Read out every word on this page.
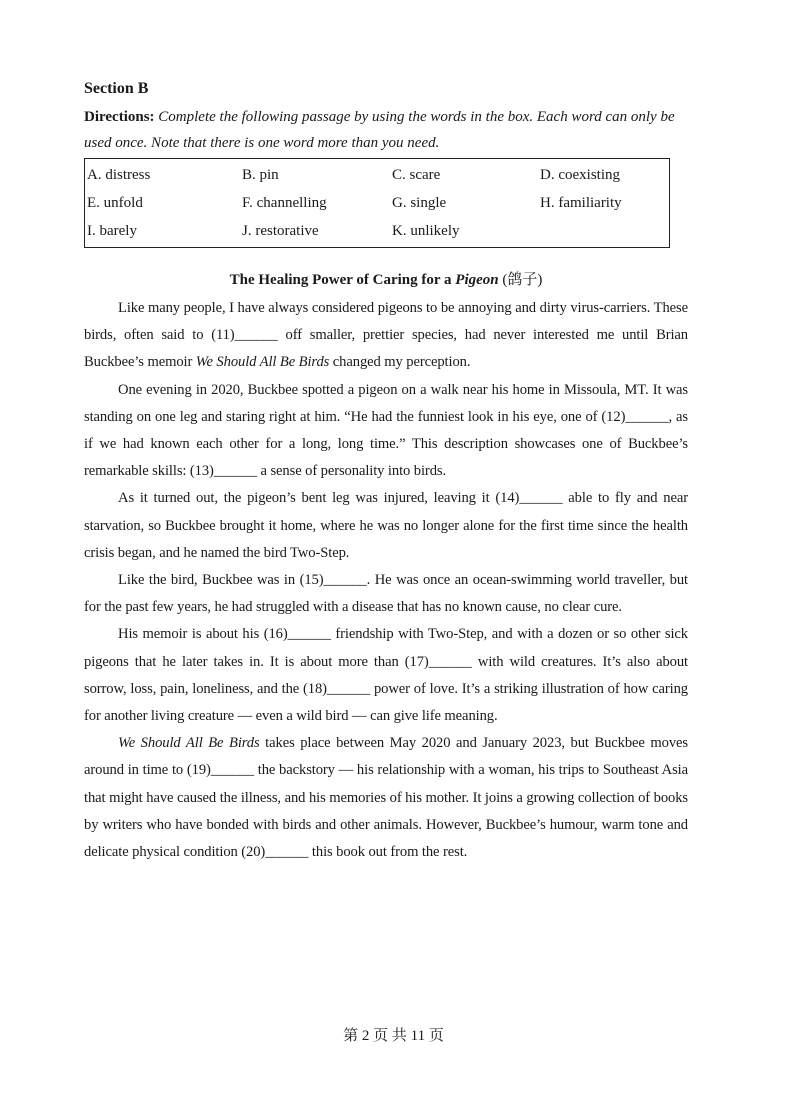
Section B

Directions: Complete the following passage by using the words in the box. Each word can only be used once. Note that there is one word more than you need.

A. distress	B. pin	C. scare	D. coexisting
E. unfold	F. channelling	G. single	H. familiarity
I. barely	J. restorative	K. unlikely
The Healing Power of Caring for a Pigeon (鸽子)

Like many people, I have always considered pigeons to be annoying and dirty virus-carriers. These birds, often said to (11)______ off smaller, prettier species, had never interested me until Brian Buckbee’s memoir We Should All Be Birds changed my perception.

One evening in 2020, Buckbee spotted a pigeon on a walk near his home in Missoula, MT. It was standing on one leg and staring right at him. “He had the funniest look in his eye, one of (12)______, as if we had known each other for a long, long time.” This description showcases one of Buckbee’s remarkable skills: (13)______ a sense of personality into birds.

As it turned out, the pigeon’s bent leg was injured, leaving it (14)______ able to fly and near starvation, so Buckbee brought it home, where he was no longer alone for the first time since the health crisis began, and he named the bird Two-Step.

Like the bird, Buckbee was in (15)______. He was once an ocean-swimming world traveller, but for the past few years, he had struggled with a disease that has no known cause, no clear cure.

His memoir is about his (16)______ friendship with Two-Step, and with a dozen or so other sick pigeons that he later takes in. It is about more than (17)______ with wild creatures. It’s also about sorrow, loss, pain, loneliness, and the (18)______ power of love. It’s a striking illustration of how caring for another living creature — even a wild bird — can give life meaning.

We Should All Be Birds takes place between May 2020 and January 2023, but Buckbee moves around in time to (19)______ the backstory — his relationship with a woman, his trips to Southeast Asia that might have caused the illness, and his memories of his mother. It joins a growing collection of books by writers who have bonded with birds and other animals. However, Buckbee’s humour, warm tone and delicate physical condition (20)______ this book out from the rest.

第 2 页 共 11 页
